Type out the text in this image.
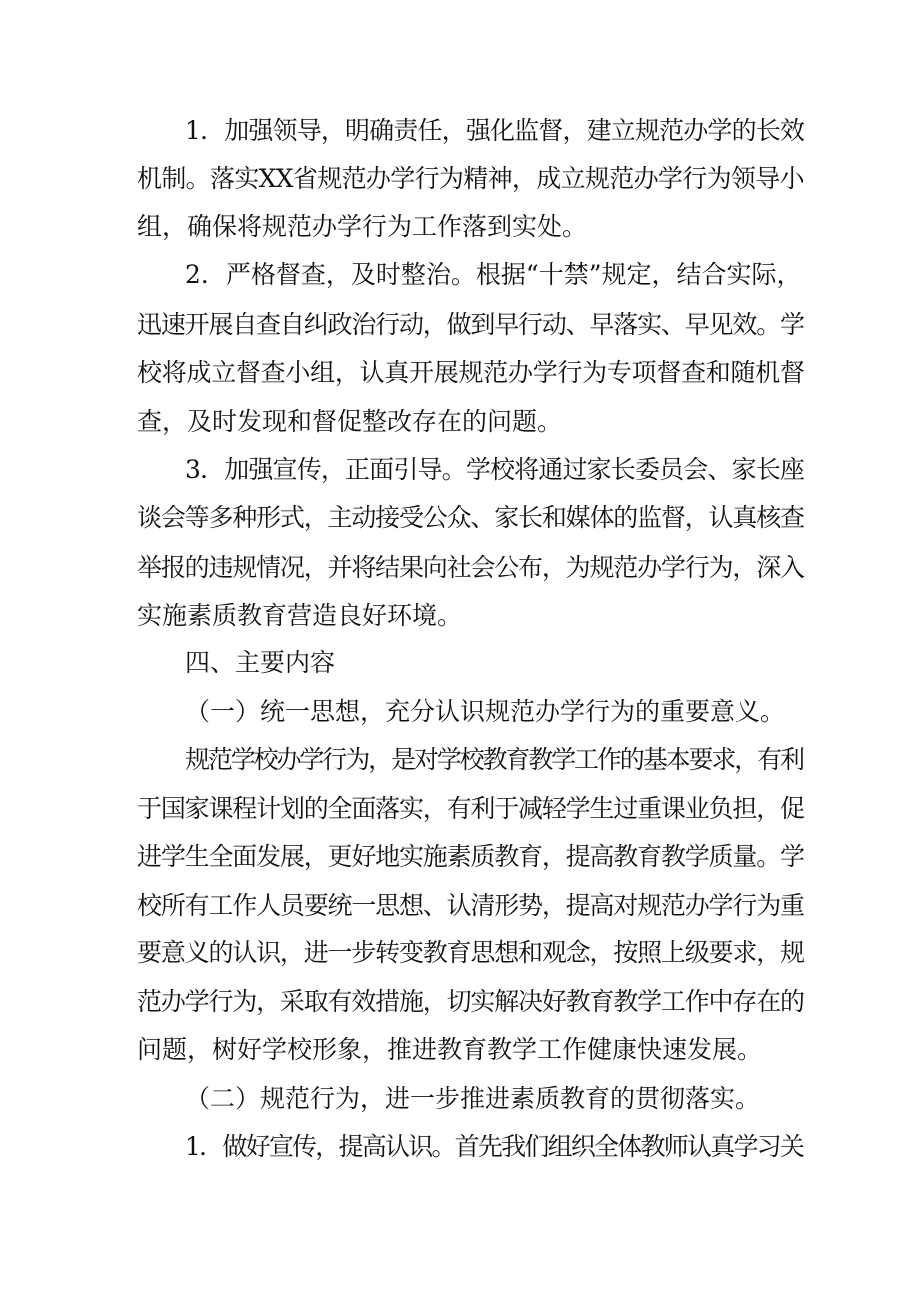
1．加强领导，明确责任，强化监督，建立规范办学的长效
机制。落实XX省规范办学行为精神，成立规范办学行为领导小
组，确保将规范办学行为工作落到实处。
2．严格督查，及时整治。根据“十禁”规定，结合实际，
迅速开展自查自纠政治行动，做到早行动、早落实、早见效。学
校将成立督查小组，认真开展规范办学行为专项督查和随机督
查，及时发现和督促整改存在的问题。
3．加强宣传，正面引导。学校将通过家长委员会、家长座
谈会等多种形式，主动接受公众、家长和媒体的监督，认真核查
举报的违规情况，并将结果向社会公布，为规范办学行为，深入
实施素质教育营造良好环境。
四、主要内容
（一）统一思想，充分认识规范办学行为的重要意义。
规范学校办学行为，是对学校教育教学工作的基本要求，有利
于国家课程计划的全面落实，有利于减轻学生过重课业负担，促
进学生全面发展，更好地实施素质教育，提高教育教学质量。学
校所有工作人员要统一思想、认清形势，提高对规范办学行为重
要意义的认识，进一步转变教育思想和观念，按照上级要求，规
范办学行为，采取有效措施，切实解决好教育教学工作中存在的
问题，树好学校形象，推进教育教学工作健康快速发展。
（二）规范行为，进一步推进素质教育的贯彻落实。
1．做好宣传，提高认识。首先我们组织全体教师认真学习关
